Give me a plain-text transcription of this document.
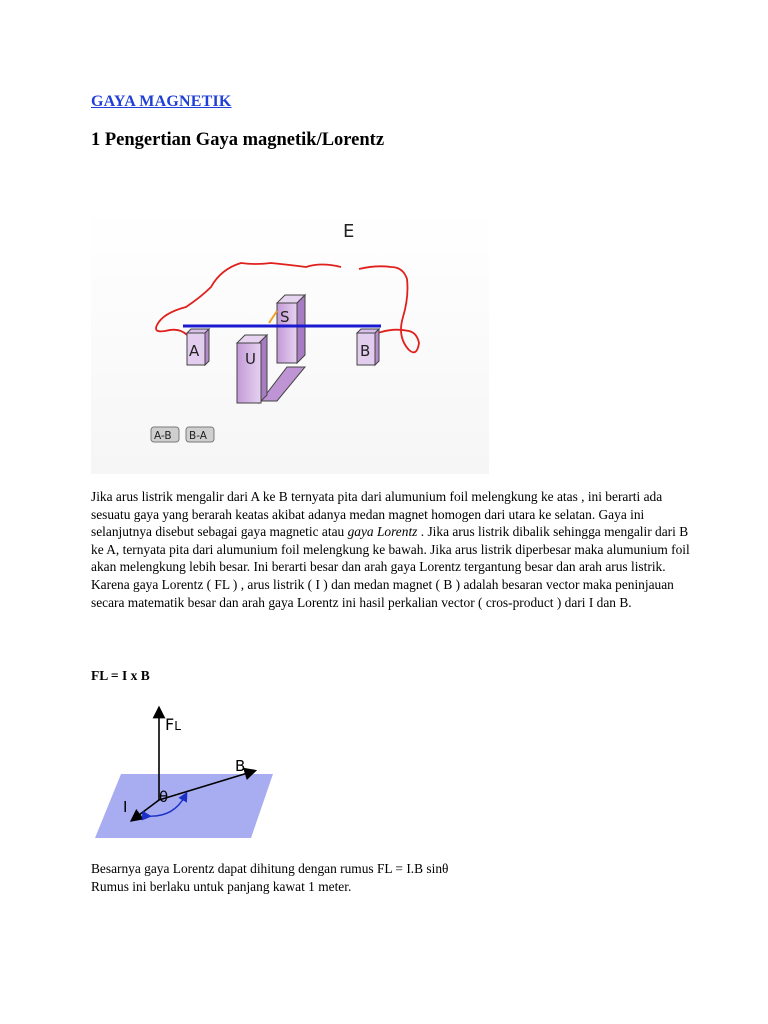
GAYA MAGNETIK
1 Pengertian Gaya magnetik/Lorentz
E
A	B
S
U
A-B B-A

Jika arus listrik mengalir dari A ke B ternyata pita dari alumunium foil melengkung ke atas , ini berarti ada sesuatu gaya yang berarah keatas akibat adanya medan magnet homogen dari utara ke selatan. Gaya ini selanjutnya disebut sebagai gaya magnetic atau gaya Lorentz . Jika arus listrik dibalik sehingga mengalir dari B ke A, ternyata pita dari alumunium foil melengkung ke bawah. Jika arus listrik diperbesar maka alumunium foil akan melengkung lebih besar. Ini berarti besar dan arah gaya Lorentz tergantung besar dan arah arus listrik.

Karena gaya Lorentz ( FL ) , arus listrik ( I ) dan medan magnet ( B ) adalah besaran vector maka peninjauan secara matematik besar dan arah gaya Lorentz ini hasil perkalian vector ( cros-product ) dari I dan B.

FL = I x B
FL
B
I
θ

Besarnya gaya Lorentz dapat dihitung dengan rumus FL = I.B sinθ

Rumus ini berlaku untuk panjang kawat 1 meter.
